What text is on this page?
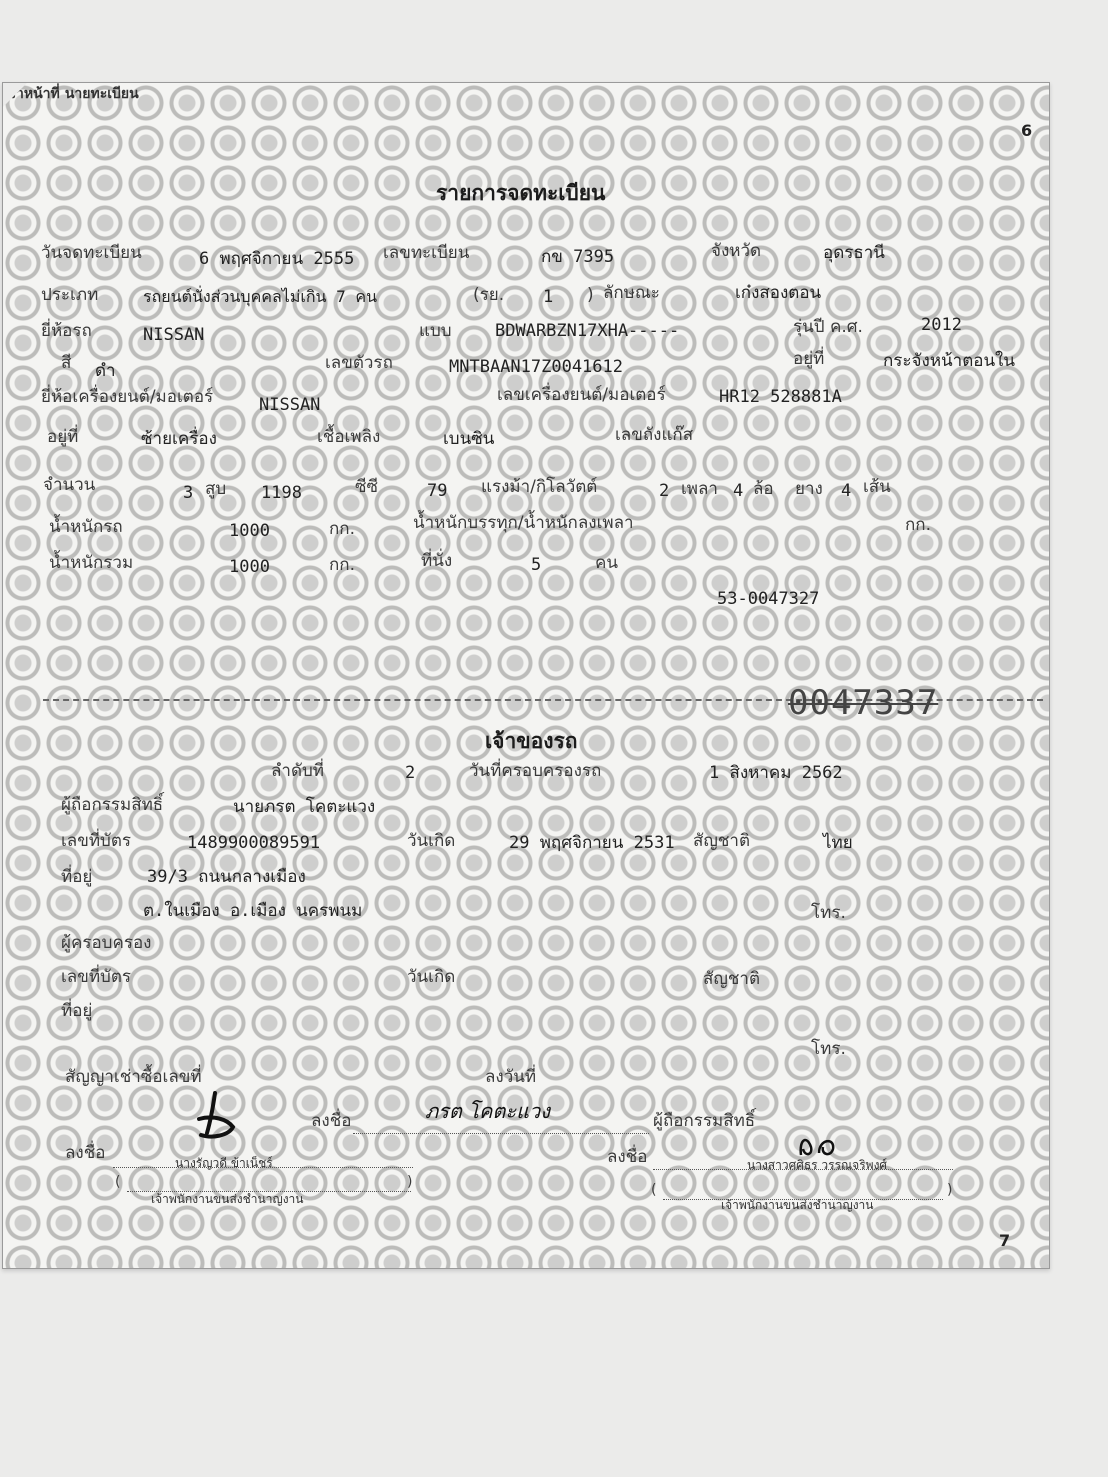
6
รายการจดทะเบียน
วันจดทะเบียน	6 พฤศจิกายน 2555 เลขทะเบียน	กข 7395	จังหวัด	อุดรธานี
ประเภท	รถยนต์นั่งส่วนบุคคลไม่เกิน 7 คน	(รย. 1 ) ลักษณะ	เก๋งสองตอน
ยี่ห้อรถ	NISSAN	แบบ	BDWARBZN17XHA-----	รุ่นปี ค.ศ.	2012
สี ดำ	เลขตัวรถ	MNTBAAN17Z0041612	อยู่ที่	กระจังหน้าตอนใน
ยี่ห้อเครื่องยนต์/มอเตอร์	NISSAN	เลขเครื่องยนต์/มอเตอร์	HR12 528881A
อยู่ที่	ซ้ายเครื่อง	เชื้อเพลิง	เบนซิน	เลขถังแก๊ส
จำนวน	3 สูบ 1198	ซีซี	79 แรงม้า/กิโลวัตต์	2 เพลา 4 ล้อ ยาง 4 เส้น
น้ำหนักรถ	1000	กก.	น้ำหนักบรรทุก/น้ำหนักลงเพลา	กก.
น้ำหนักรวม	1000	กก.	ที่นั่ง	5	คน
53-0047327
0047337
เจ้าของรถ
ลำดับที่	2	วันที่ครอบครองรถ	1 สิงหาคม 2562
ผู้ถือกรรมสิทธิ์	นายภรต โคตะแวง
เลขที่บัตร	1489900089591	วันเกิด	29 พฤศจิกายน 2531 สัญชาติ	ไทย
ที่อยู่	39/3 ถนนกลางเมือง
ต.ในเมือง อ.เมือง นครพนม	โทร.
ผู้ครอบครอง
เลขที่บัตร	วันเกิด	สัญชาติ
ที่อยู่
โทร.
สัญญาเช่าซื้อเลขที่	ลงวันที่
ลงชื่อ	ภรต โคตะแวง	ผู้ถือกรรมสิทธิ์
ลงชื่อ	นางรัญวดี ข้าเน็ชร์
(	)
เจ้าพนักงานขนส่งชำนาญงาน
เจ้าหน้าที่
ลงชื่อ	นางสาวศศิธร วรรณจริพงศ์
(	)
เจ้าพนักงานขนส่งชำนาญงาน
นายทะเบียน
7
